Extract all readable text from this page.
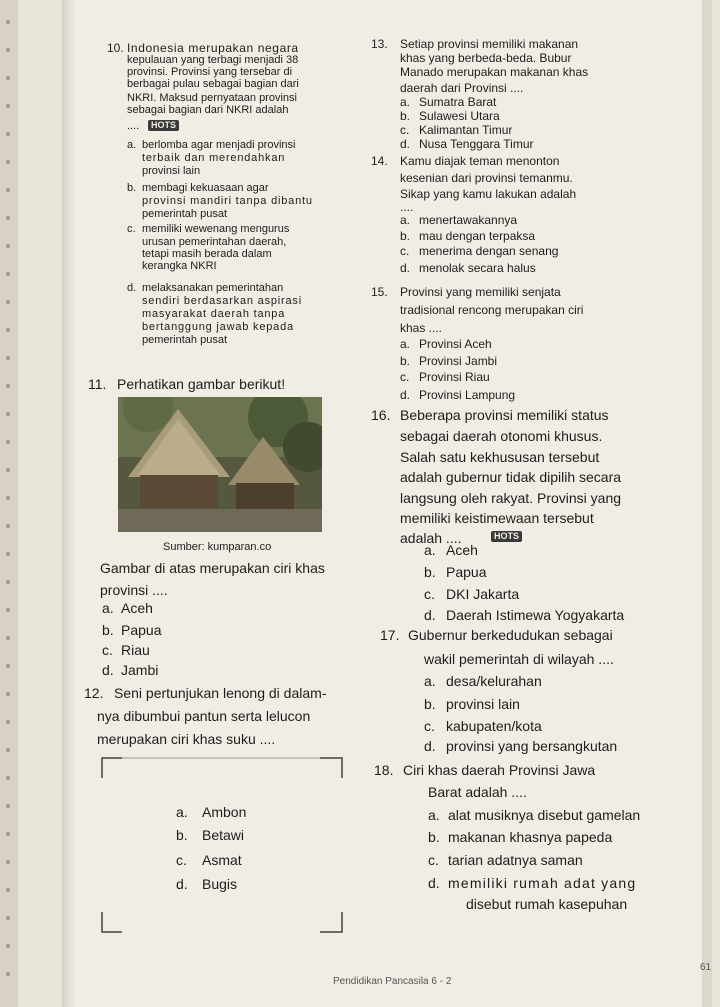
10. Indonesia merupakan negara
kepulauan yang terbagi menjadi 38
provinsi. Provinsi yang tersebar di
berbagai pulau sebagai bagian dari
NKRI. Maksud pernyataan provinsi
sebagai bagian dari NKRI adalah
....	HOTS
a. berlomba agar menjadi provinsi
terbaik dan merendahkan
provinsi lain
b. membagi kekuasaan agar
provinsi mandiri tanpa dibantu
pemerintah pusat
c. memiliki wewenang mengurus
urusan pemerintahan daerah,
tetapi masih berada dalam
kerangka NKRI
d. melaksanakan pemerintahan
sendiri berdasarkan aspirasi
masyarakat daerah tanpa
bertanggung jawab kepada
pemerintah pusat
11. Perhatikan gambar berikut!
Sumber: kumparan.co
Gambar di atas merupakan ciri khas
provinsi ....
a. Aceh
b. Papua
c. Riau
d. Jambi
12. Seni pertunjukan lenong di dalam-
nya dibumbui pantun serta lelucon
merupakan ciri khas suku ....
a. Ambon
b. Betawi
c. Asmat
d. Bugis
13. Setiap provinsi memiliki makanan
khas yang berbeda-beda. Bubur
Manado merupakan makanan khas
daerah dari Provinsi ....
a. Sumatra Barat
b. Sulawesi Utara
c. Kalimantan Timur
d. Nusa Tenggara Timur
14. Kamu diajak teman menonton
kesenian dari provinsi temanmu.
Sikap yang kamu lakukan adalah
....
a. menertawakannya
b. mau dengan terpaksa
c. menerima dengan senang
d. menolak secara halus
15. Provinsi yang memiliki senjata
tradisional rencong merupakan ciri
khas ....
a. Provinsi Aceh
b. Provinsi Jambi
c. Provinsi Riau
d. Provinsi Lampung
16. Beberapa provinsi memiliki status
sebagai daerah otonomi khusus.
Salah satu kekhususan tersebut
adalah gubernur tidak dipilih secara
langsung oleh rakyat. Provinsi yang
memiliki keistimewaan tersebut
adalah ....	HOTS
a. Aceh
b. Papua
c. DKI Jakarta
d. Daerah Istimewa Yogyakarta
17. Gubernur berkedudukan sebagai
wakil pemerintah di wilayah ....
a. desa/kelurahan
b. provinsi lain
c. kabupaten/kota
d. provinsi yang bersangkutan
18. Ciri khas daerah Provinsi Jawa
Barat adalah ....
a. alat musiknya disebut gamelan
b. makanan khasnya papeda
c. tarian adatnya saman
d. memiliki rumah adat yang
disebut rumah kasepuhan
Pendidikan Pancasila 6 - 2
61
